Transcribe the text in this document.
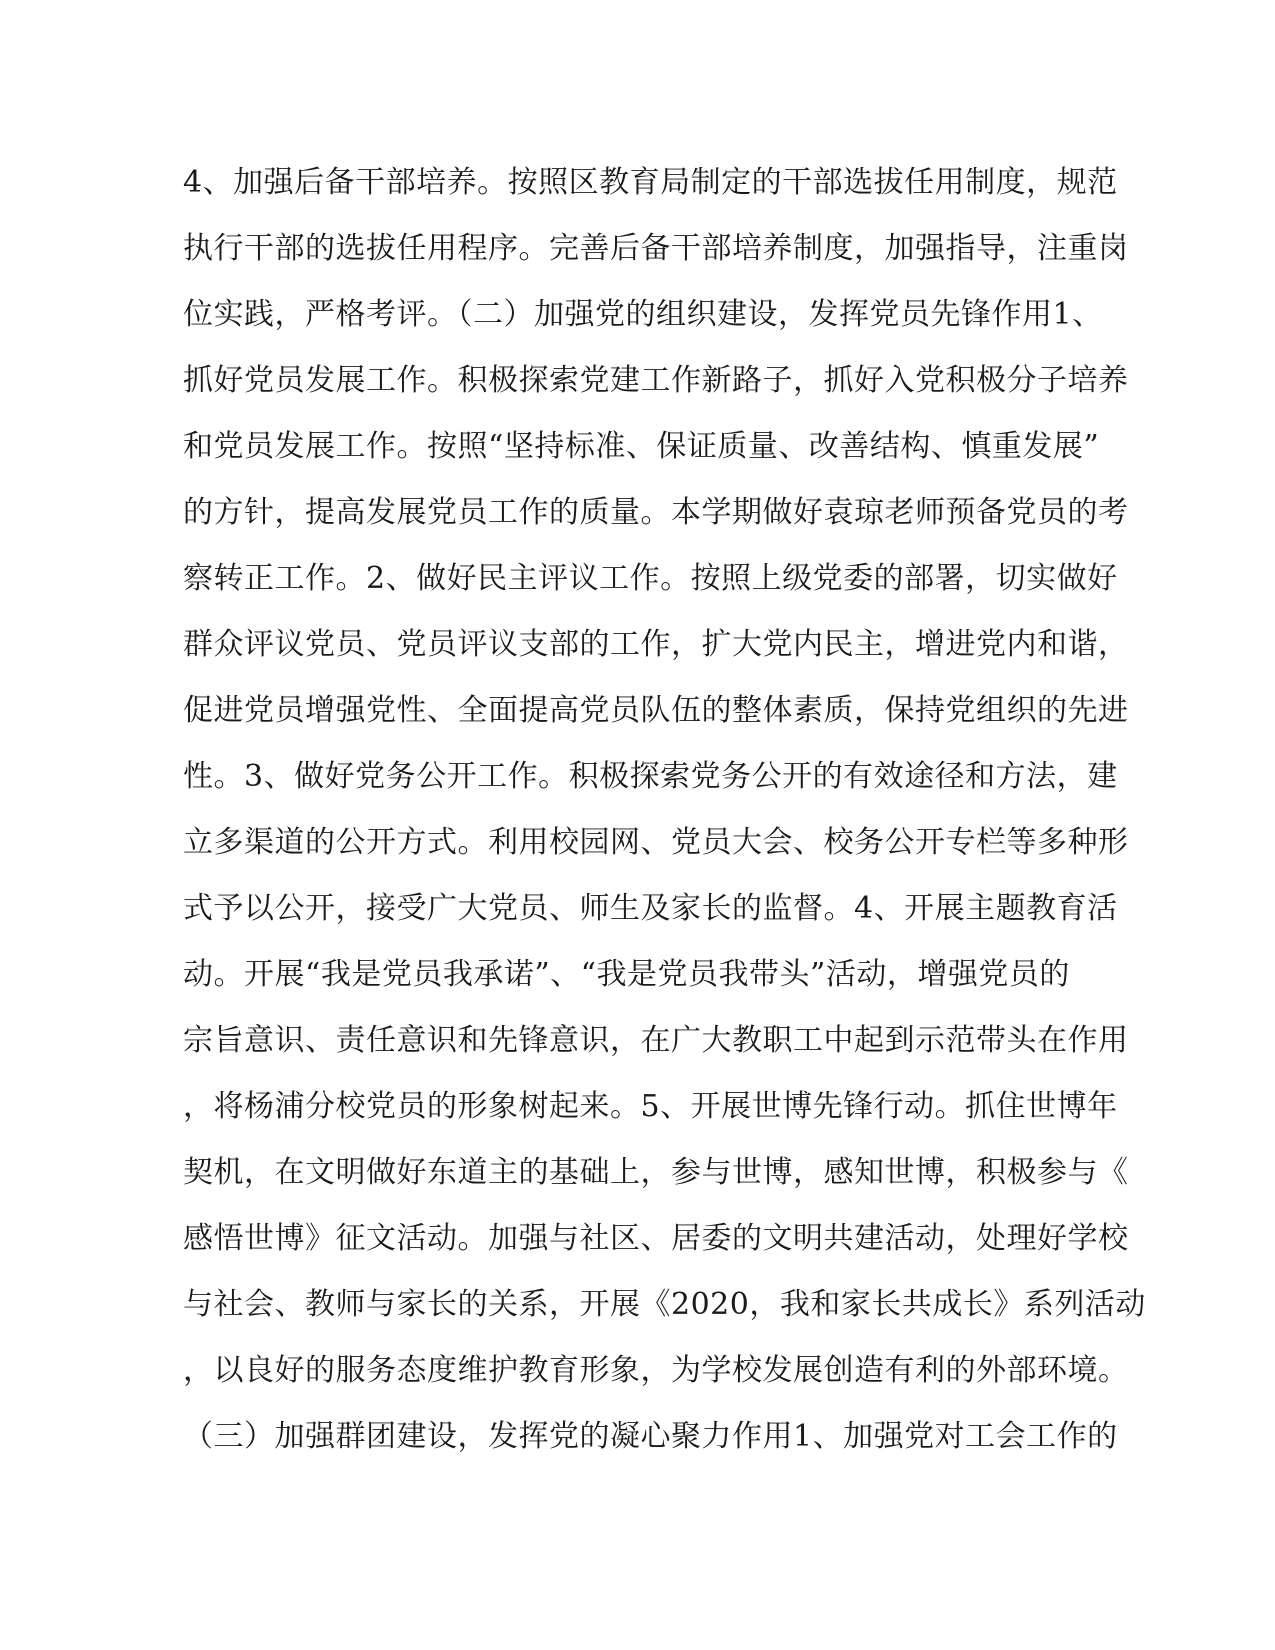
4、加强后备干部培养。按照区教育局制定的干部选拔任用制度，规范
执行干部的选拔任用程序。完善后备干部培养制度，加强指导，注重岗
位实践，严格考评。（二）加强党的组织建设，发挥党员先锋作用1、
抓好党员发展工作。积极探索党建工作新路子，抓好入党积极分子培养
和党员发展工作。按照“坚持标准、保证质量、改善结构、慎重发展”
的方针，提高发展党员工作的质量。本学期做好袁琼老师预备党员的考
察转正工作。2、做好民主评议工作。按照上级党委的部署，切实做好
群众评议党员、党员评议支部的工作，扩大党内民主，增进党内和谐，
促进党员增强党性、全面提高党员队伍的整体素质，保持党组织的先进
性。3、做好党务公开工作。积极探索党务公开的有效途径和方法，建
立多渠道的公开方式。利用校园网、党员大会、校务公开专栏等多种形
式予以公开，接受广大党员、师生及家长的监督。4、开展主题教育活
动。开展“我是党员我承诺”、“我是党员我带头”活动，增强党员的
宗旨意识、责任意识和先锋意识，在广大教职工中起到示范带头在作用
，将杨浦分校党员的形象树起来。5、开展世博先锋行动。抓住世博年
契机，在文明做好东道主的基础上，参与世博，感知世博，积极参与《
感悟世博》征文活动。加强与社区、居委的文明共建活动，处理好学校
与社会、教师与家长的关系，开展《2020，我和家长共成长》系列活动
，以良好的服务态度维护教育形象，为学校发展创造有利的外部环境。
（三）加强群团建设，发挥党的凝心聚力作用1、加强党对工会工作的
